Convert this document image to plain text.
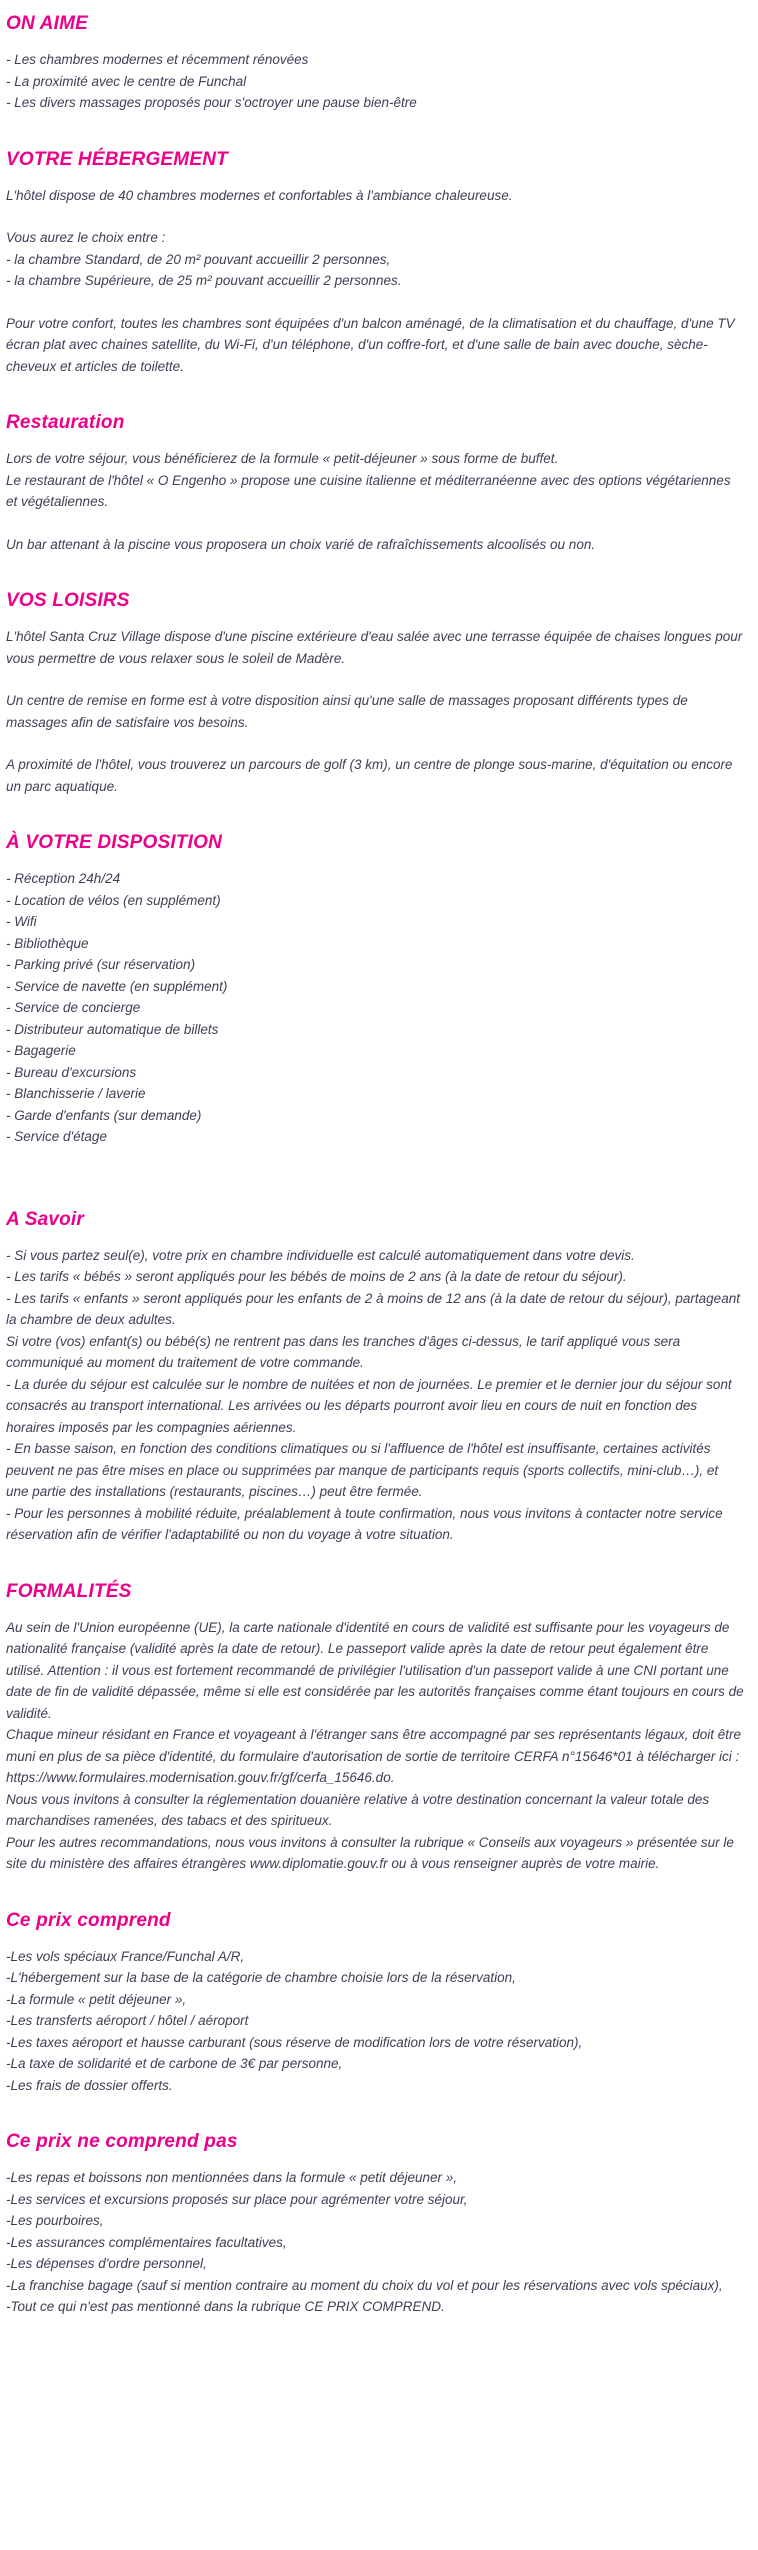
ON AIME

- Les chambres modernes et récemment rénovées

- La proximité avec le centre de Funchal

- Les divers massages proposés pour s'octroyer une pause bien-être

VOTRE HÉBERGEMENT

L'hôtel dispose de 40 chambres modernes et confortables à l'ambiance chaleureuse.

Vous aurez le choix entre :

- la chambre Standard, de 20 m² pouvant accueillir 2 personnes,

- la chambre Supérieure, de 25 m² pouvant accueillir 2 personnes.

Pour votre confort, toutes les chambres sont équipées d'un balcon aménagé, de la climatisation et du chauffage, d'une TV écran plat avec chaines satellite, du Wi-Fi, d'un téléphone, d'un coffre-fort, et d'une salle de bain avec douche, sèche-cheveux et articles de toilette.

Restauration

Lors de votre séjour, vous bénéficierez de la formule « petit-déjeuner » sous forme de buffet.

Le restaurant de l'hôtel « O Engenho » propose une cuisine italienne et méditerranéenne avec des options végétariennes et végétaliennes.

Un bar attenant à la piscine vous proposera un choix varié de rafraîchissements alcoolisés ou non.

VOS LOISIRS

L'hôtel Santa Cruz Village dispose d'une piscine extérieure d'eau salée avec une terrasse équipée de chaises longues pour vous permettre de vous relaxer sous le soleil de Madère.

Un centre de remise en forme est à votre disposition ainsi qu'une salle de massages proposant différents types de massages afin de satisfaire vos besoins.

A proximité de l'hôtel, vous trouverez un parcours de golf (3 km), un centre de plonge sous-marine, d'équitation ou encore un parc aquatique.

À VOTRE DISPOSITION

- Réception 24h/24

- Location de vélos (en supplément)

- Wifi

- Bibliothèque

- Parking privé (sur réservation)

- Service de navette (en supplément)

- Service de concierge

- Distributeur automatique de billets

- Bagagerie

- Bureau d'excursions

- Blanchisserie / laverie

- Garde d'enfants (sur demande)

- Service d'étage

A Savoir

- Si vous partez seul(e), votre prix en chambre individuelle est calculé automatiquement dans votre devis.

- Les tarifs « bébés » seront appliqués pour les bébés de moins de 2 ans (à la date de retour du séjour).

- Les tarifs « enfants » seront appliqués pour les enfants de 2 à moins de 12 ans (à la date de retour du séjour), partageant la chambre de deux adultes.

Si votre (vos) enfant(s) ou bébé(s) ne rentrent pas dans les tranches d'âges ci-dessus, le tarif appliqué vous sera communiqué au moment du traitement de votre commande.

- La durée du séjour est calculée sur le nombre de nuitées et non de journées. Le premier et le dernier jour du séjour sont consacrés au transport international. Les arrivées ou les départs pourront avoir lieu en cours de nuit en fonction des horaires imposés par les compagnies aériennes.

- En basse saison, en fonction des conditions climatiques ou si l'affluence de l'hôtel est insuffisante, certaines activités peuvent ne pas être mises en place ou supprimées par manque de participants requis (sports collectifs, mini-club…), et une partie des installations (restaurants, piscines…) peut être fermée.

- Pour les personnes à mobilité réduite, préalablement à toute confirmation, nous vous invitons à contacter notre service réservation afin de vérifier l'adaptabilité ou non du voyage à votre situation.

FORMALITÉS

Au sein de l'Union européenne (UE), la carte nationale d'identité en cours de validité est suffisante pour les voyageurs de nationalité française (validité après la date de retour). Le passeport valide après la date de retour peut également être utilisé. Attention : il vous est fortement recommandé de privilégier l'utilisation d'un passeport valide à une CNI portant une date de fin de validité dépassée, même si elle est considérée par les autorités françaises comme étant toujours en cours de validité.

Chaque mineur résidant en France et voyageant à l'étranger sans être accompagné par ses représentants légaux, doit être muni en plus de sa pièce d'identité, du formulaire d'autorisation de sortie de territoire CERFA n°15646*01 à télécharger ici :

https://www.formulaires.modernisation.gouv.fr/gf/cerfa_15646.do.

Nous vous invitons à consulter la réglementation douanière relative à votre destination concernant la valeur totale des marchandises ramenées, des tabacs et des spiritueux.

Pour les autres recommandations, nous vous invitons à consulter la rubrique « Conseils aux voyageurs » présentée sur le site du ministère des affaires étrangères www.diplomatie.gouv.fr ou à vous renseigner auprès de votre mairie.

Ce prix comprend

-Les vols spéciaux France/Funchal A/R,

-L'hébergement sur la base de la catégorie de chambre choisie lors de la réservation,

-La formule « petit déjeuner »,

-Les transferts aéroport / hôtel / aéroport

-Les taxes aéroport et hausse carburant (sous réserve de modification lors de votre réservation),

-La taxe de solidarité et de carbone de 3€ par personne,

-Les frais de dossier offerts.

Ce prix ne comprend pas

-Les repas et boissons non mentionnées dans la formule « petit déjeuner »,

-Les services et excursions proposés sur place pour agrémenter votre séjour,

-Les pourboires,

-Les assurances complémentaires facultatives,

-Les dépenses d'ordre personnel,

-La franchise bagage (sauf si mention contraire au moment du choix du vol et pour les réservations avec vols spéciaux),

-Tout ce qui n'est pas mentionné dans la rubrique CE PRIX COMPREND.
